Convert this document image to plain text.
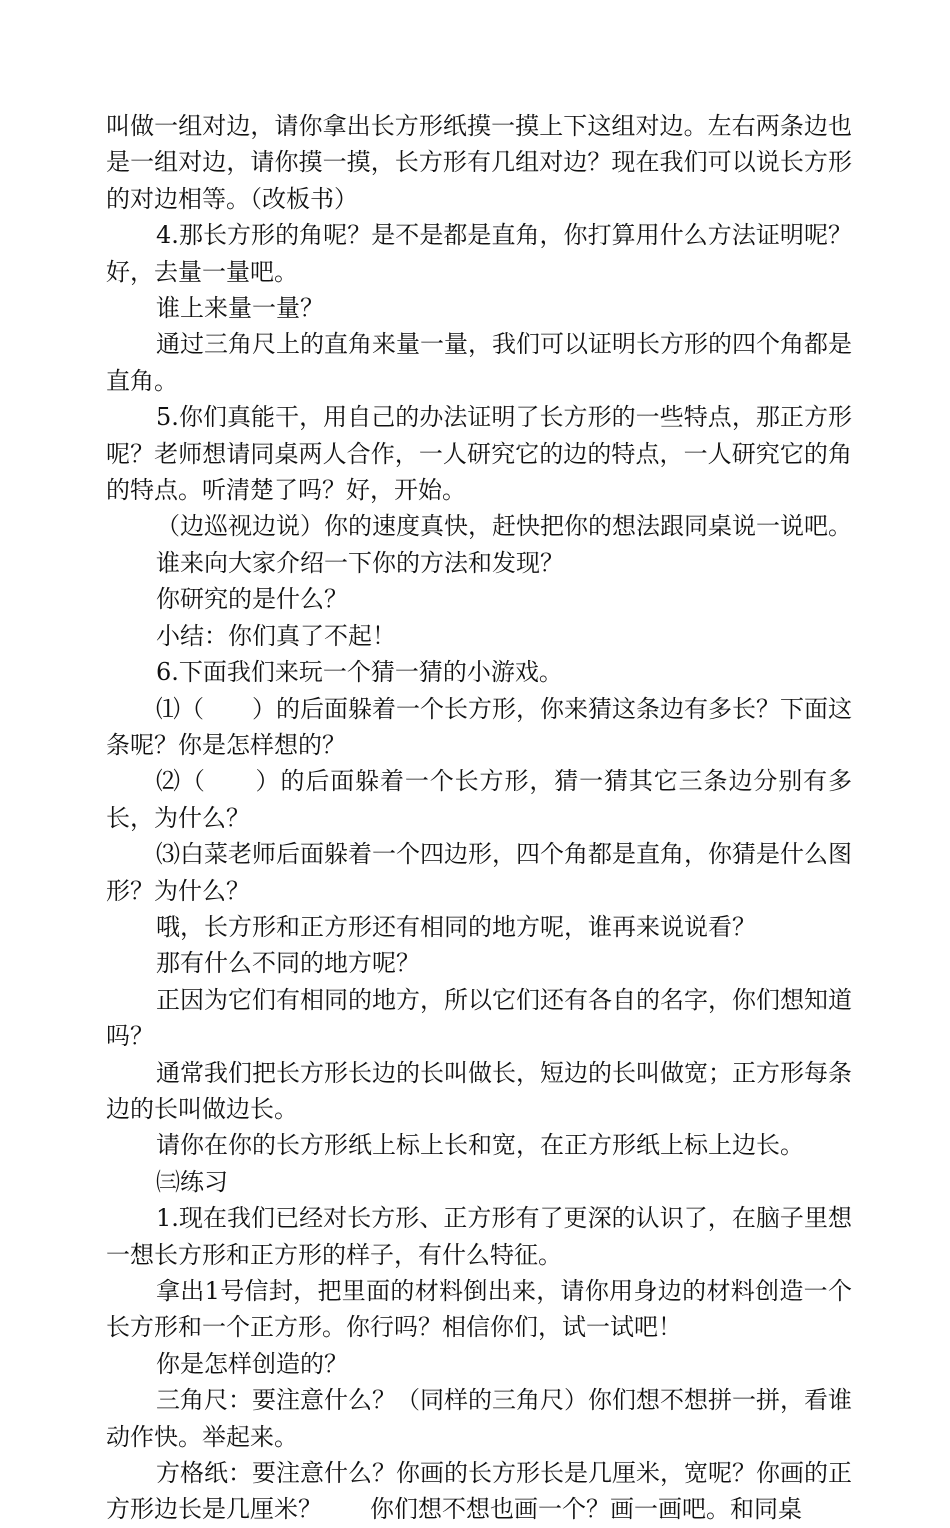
叫做一组对边，请你拿出长方形纸摸一摸上下这组对边。左右两条边也是一组对边，请你摸一摸，长方形有几组对边？现在我们可以说长方形的对边相等。（改板书）

4.那长方形的角呢？是不是都是直角，你打算用什么方法证明呢？好，去量一量吧。

谁上来量一量？

通过三角尺上的直角来量一量，我们可以证明长方形的四个角都是直角。

5.你们真能干，用自己的办法证明了长方形的一些特点，那正方形呢？老师想请同桌两人合作，一人研究它的边的特点，一人研究它的角的特点。听清楚了吗？好，开始。

（边巡视边说）你的速度真快，赶快把你的想法跟同桌说一说吧。

谁来向大家介绍一下你的方法和发现？

你研究的是什么？

小结：你们真了不起！

6.下面我们来玩一个猜一猜的小游戏。

⑴（　　）的后面躲着一个长方形，你来猜这条边有多长？下面这条呢？你是怎样想的？

⑵（　　）的后面躲着一个长方形，猜一猜其它三条边分别有多长，为什么？

⑶白菜老师后面躲着一个四边形，四个角都是直角，你猜是什么图形？为什么？

哦，长方形和正方形还有相同的地方呢，谁再来说说看？

那有什么不同的地方呢？

正因为它们有相同的地方，所以它们还有各自的名字，你们想知道吗？

通常我们把长方形长边的长叫做长，短边的长叫做宽；正方形每条边的长叫做边长。

请你在你的长方形纸上标上长和宽，在正方形纸上标上边长。

㈢练习

1.现在我们已经对长方形、正方形有了更深的认识了，在脑子里想一想长方形和正方形的样子，有什么特征。

拿出1号信封，把里面的材料倒出来，请你用身边的材料创造一个长方形和一个正方形。你行吗？相信你们，试一试吧！

你是怎样创造的？

三角尺：要注意什么？（同样的三角尺）你们想不想拼一拼，看谁动作快。举起来。

方格纸：要注意什么？你画的长方形长是几厘米，宽呢？你画的正方形边长是几厘米？　　你们想不想也画一个？画一画吧。和同桌
